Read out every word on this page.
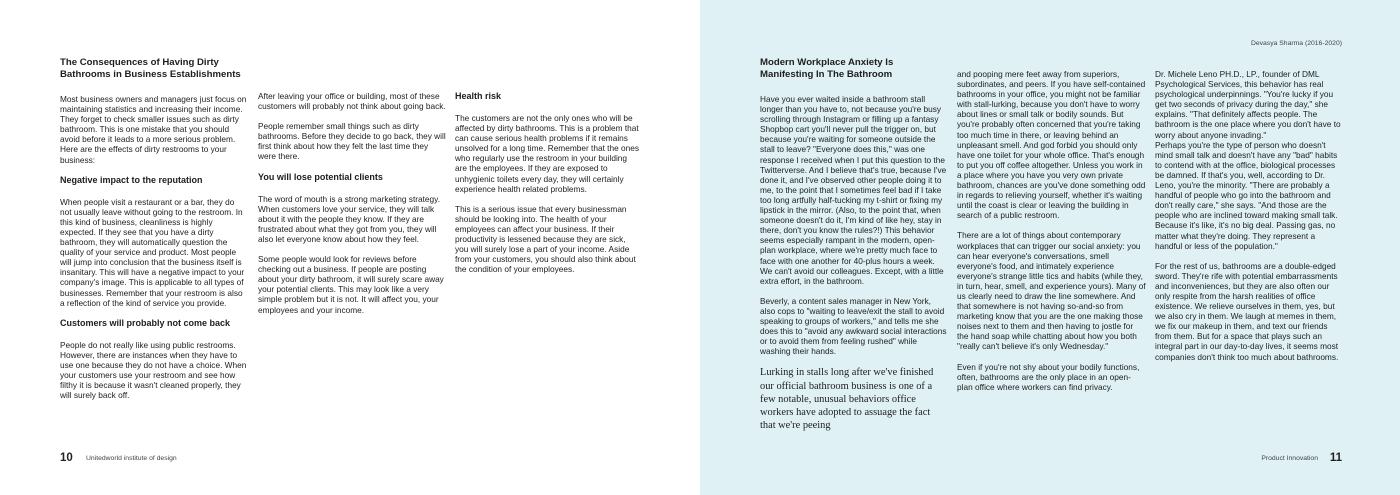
The Consequences of Having Dirty Bathrooms in Business Establishments

Most business owners and managers just focus on maintaining statistics and increasing their income. They forget to check smaller issues such as dirty bathroom. This is one mistake that you should avoid before it leads to a more serious problem. Here are the effects of dirty restrooms to your business:

Negative impact to the reputation

When people visit a restaurant or a bar, they do not usually leave without going to the restroom. In this kind of business, cleanliness is highly expected. If they see that you have a dirty bathroom, they will automatically question the quality of your service and product. Most people will jump into conclusion that the business itself is insanitary. This will have a negative impact to your company's image. This is applicable to all types of businesses. Remember that your restroom is also a reflection of the kind of service you provide.

Customers will probably not come back

People do not really like using public restrooms. However, there are instances when they have to use one because they do not have a choice. When your customers use your restroom and see how filthy it is because it wasn't cleaned properly, they will surely back off.

After leaving your office or building, most of these customers will probably not think about going back.

People remember small things such as dirty bathrooms. Before they decide to go back, they will first think about how they felt the last time they were there.

You will lose potential clients

The word of mouth is a strong marketing strategy. When customers love your service, they will talk about it with the people they know. If they are frustrated about what they got from you, they will also let everyone know about how they feel.

Some people would look for reviews before checking out a business. If people are posting about your dirty bathroom, it will surely scare away your potential clients. This may look like a very simple problem but it is not. It will affect you, your employees and your income.

Health risk

The customers are not the only ones who will be affected by dirty bathrooms. This is a problem that can cause serious health problems if it remains unsolved for a long time. Remember that the ones who regularly use the restroom in your building are the employees. If they are exposed to unhygienic toilets every day, they will certainly experience health related problems.

This is a serious issue that every businessman should be looking into. The health of your employees can affect your business. If their productivity is lessened because they are sick, you will surely lose a part of your income. Aside from your customers, you should also think about the condition of your employees.

10 Unitedworld institute of design
Devasya Sharma (2016-2020)
Modern Workplace Anxiety Is Manifesting In The Bathroom

Have you ever waited inside a bathroom stall longer than you have to, not because you're busy scrolling through Instagram or filling up a fantasy Shopbop cart you'll never pull the trigger on, but because you're waiting for someone outside the stall to leave? "Everyone does this," was one response I received when I put this question to the Twitterverse. And I believe that's true, because I've done it, and I've observed other people doing it to me, to the point that I sometimes feel bad if I take too long artfully half-tucking my t-shirt or fixing my lipstick in the mirror. (Also, to the point that, when someone doesn't do it, I'm kind of like hey, stay in there, don't you know the rules?!) This behavior seems especially rampant in the modern, open-plan workplace, where we're pretty much face to face with one another for 40-plus hours a week. We can't avoid our colleagues. Except, with a little extra effort, in the bathroom.

Beverly, a content sales manager in New York, also cops to "waiting to leave/exit the stall to avoid speaking to groups of workers," and tells me she does this to "avoid any awkward social interactions or to avoid them from feeling rushed" while washing their hands.

Lurking in stalls long after we've finished our official bathroom business is one of a few notable, unusual behaviors office workers have adopted to assuage the fact that we're peeing

and pooping mere feet away from superiors, subordinates, and peers. If you have self-contained bathrooms in your office, you might not be familiar with stall-lurking, because you don't have to worry about lines or small talk or bodily sounds. But you're probably often concerned that you're taking too much time in there, or leaving behind an unpleasant smell. And god forbid you should only have one toilet for your whole office. That's enough to put you off coffee altogether. Unless you work in a place where you have you very own private bathroom, chances are you've done something odd in regards to relieving yourself, whether it's waiting until the coast is clear or leaving the building in search of a public restroom.

There are a lot of things about contemporary workplaces that can trigger our social anxiety: you can hear everyone's conversations, smell everyone's food, and intimately experience everyone's strange little tics and habits (while they, in turn, hear, smell, and experience yours). Many of us clearly need to draw the line somewhere. And that somewhere is not having so-and-so from marketing know that you are the one making those noises next to them and then having to jostle for the hand soap while chatting about how you both "really can't believe it's only Wednesday."

Even if you're not shy about your bodily functions, often, bathrooms are the only place in an open-plan office where workers can find privacy.

Dr. Michele Leno PH.D., LP., founder of DML Psychological Services, this behavior has real psychological underpinnings. "You're lucky if you get two seconds of privacy during the day," she explains. "That definitely affects people. The bathroom is the one place where you don't have to worry about anyone invading."

Perhaps you're the type of person who doesn't mind small talk and doesn't have any "bad" habits to contend with at the office, biological processes be damned. If that's you, well, according to Dr. Leno, you're the minority. "There are probably a handful of people who go into the bathroom and don't really care," she says. "And those are the people who are inclined toward making small talk. Because it's like, it's no big deal. Passing gas, no matter what they're doing. They represent a handful or less of the population."

For the rest of us, bathrooms are a double-edged sword. They're rife with potential embarrassments and inconveniences, but they are also often our only respite from the harsh realities of office existence. We relieve ourselves in them, yes, but we also cry in them. We laugh at memes in them, we fix our makeup in them, and text our friends from them. But for a space that plays such an integral part in our day-to-day lives, it seems most companies don't think too much about bathrooms.

Product Innovation 11
